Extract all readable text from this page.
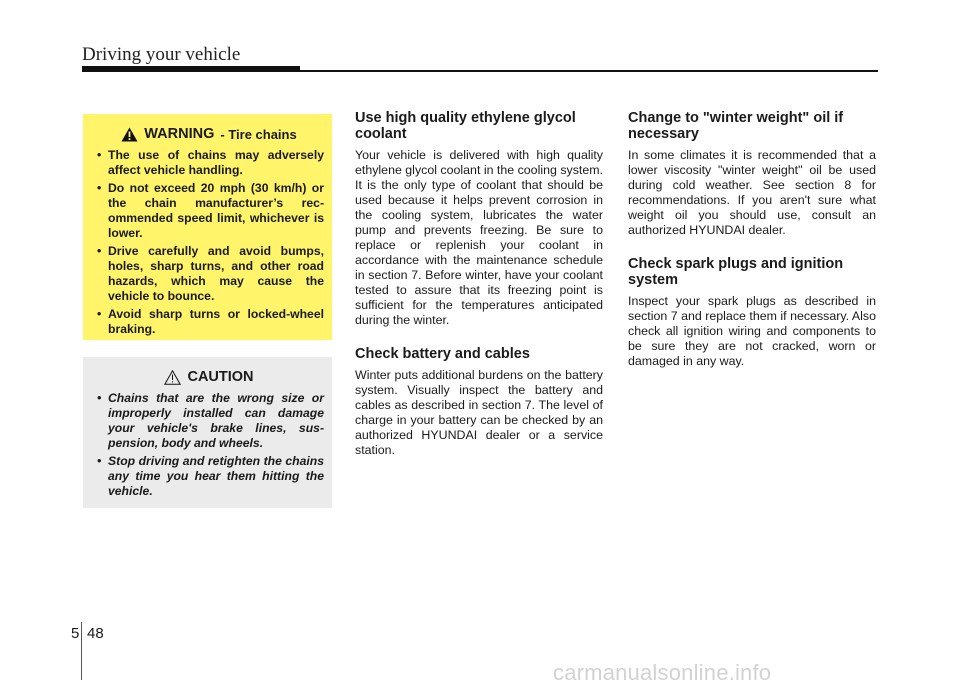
Driving your vehicle
WARNING - Tire chains
• The use of chains may adversely affect vehicle handling.
• Do not exceed 20 mph (30 km/h) or the chain manufacturer’s recommended speed limit, whichever is lower.
• Drive carefully and avoid bumps, holes, sharp turns, and other road hazards, which may cause the vehicle to bounce.
• Avoid sharp turns or locked-wheel braking.
CAUTION
• Chains that are the wrong size or improperly installed can damage your vehicle's brake lines, suspension, body and wheels.
• Stop driving and retighten the chains any time you hear them hitting the vehicle.
Use high quality ethylene glycol coolant

Your vehicle is delivered with high quality ethylene glycol coolant in the cooling system. It is the only type of coolant that should be used because it helps prevent corrosion in the cooling system, lubricates the water pump and prevents freezing. Be sure to replace or replenish your coolant in accordance with the maintenance schedule in section 7. Before winter, have your coolant tested to assure that its freezing point is sufficient for the temperatures anticipated during the winter.

Check battery and cables

Winter puts additional burdens on the battery system. Visually inspect the battery and cables as described in section 7. The level of charge in your battery can be checked by an authorized HYUNDAI dealer or a service station.

Change to "winter weight" oil if necessary

In some climates it is recommended that a lower viscosity "winter weight" oil be used during cold weather. See section 8 for recommendations. If you aren't sure what weight oil you should use, consult an authorized HYUNDAI dealer.

Check spark plugs and ignition system

Inspect your spark plugs as described in section 7 and replace them if necessary. Also check all ignition wiring and components to be sure they are not cracked, worn or damaged in any way.

5 48
carmanualsonline.info
